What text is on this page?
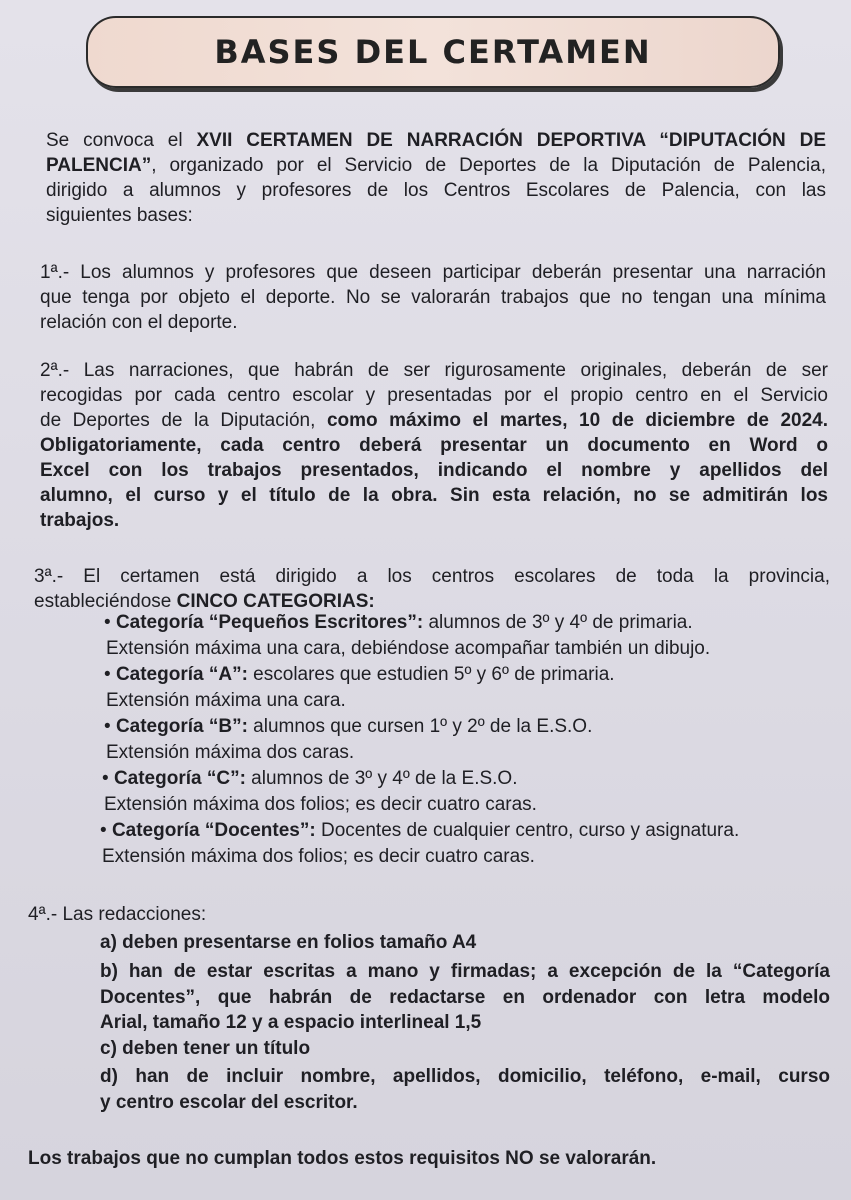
BASES DEL CERTAMEN
Se convoca el XVII CERTAMEN DE NARRACIÓN DEPORTIVA “DIPUTACIÓN DE
PALENCIA”, organizado por el Servicio de Deportes de la Diputación de Palencia,
dirigido a alumnos y profesores de los Centros Escolares de Palencia, con las
siguientes bases:
1ª.- Los alumnos y profesores que deseen participar deberán presentar una narración
que tenga por objeto el deporte. No se valorarán trabajos que no tengan una mínima
relación con el deporte.
2ª.- Las narraciones, que habrán de ser rigurosamente originales, deberán de ser
recogidas por cada centro escolar y presentadas por el propio centro en el Servicio
de Deportes de la Diputación, como máximo el martes, 10 de diciembre de 2024.
Obligatoriamente, cada centro deberá presentar un documento en Word o
Excel con los trabajos presentados, indicando el nombre y apellidos del
alumno, el curso y el título de la obra. Sin esta relación, no se admitirán los
trabajos.
3ª.- El certamen está dirigido a los centros escolares de toda la provincia,
estableciéndose CINCO CATEGORIAS:
• Categoría “Pequeños Escritores”: alumnos de 3º y 4º de primaria.
Extensión máxima una cara, debiéndose acompañar también un dibujo.
• Categoría “A”: escolares que estudien 5º y 6º de primaria.
Extensión máxima una cara.
• Categoría “B”: alumnos que cursen 1º y 2º de la E.S.O.
Extensión máxima dos caras.
• Categoría “C”: alumnos de 3º y 4º de la E.S.O.
Extensión máxima dos folios; es decir cuatro caras.
• Categoría “Docentes”: Docentes de cualquier centro, curso y asignatura.
Extensión máxima dos folios; es decir cuatro caras.
4ª.- Las redacciones:
a) deben presentarse en folios tamaño A4
b) han de estar escritas a mano y firmadas; a excepción de la “Categoría
Docentes”, que habrán de redactarse en ordenador con letra modelo
Arial, tamaño 12 y a espacio interlineal 1,5
c) deben tener un título
d) han de incluir nombre, apellidos, domicilio, teléfono, e-mail, curso
y centro escolar del escritor.
Los trabajos que no cumplan todos estos requisitos NO se valorarán.
